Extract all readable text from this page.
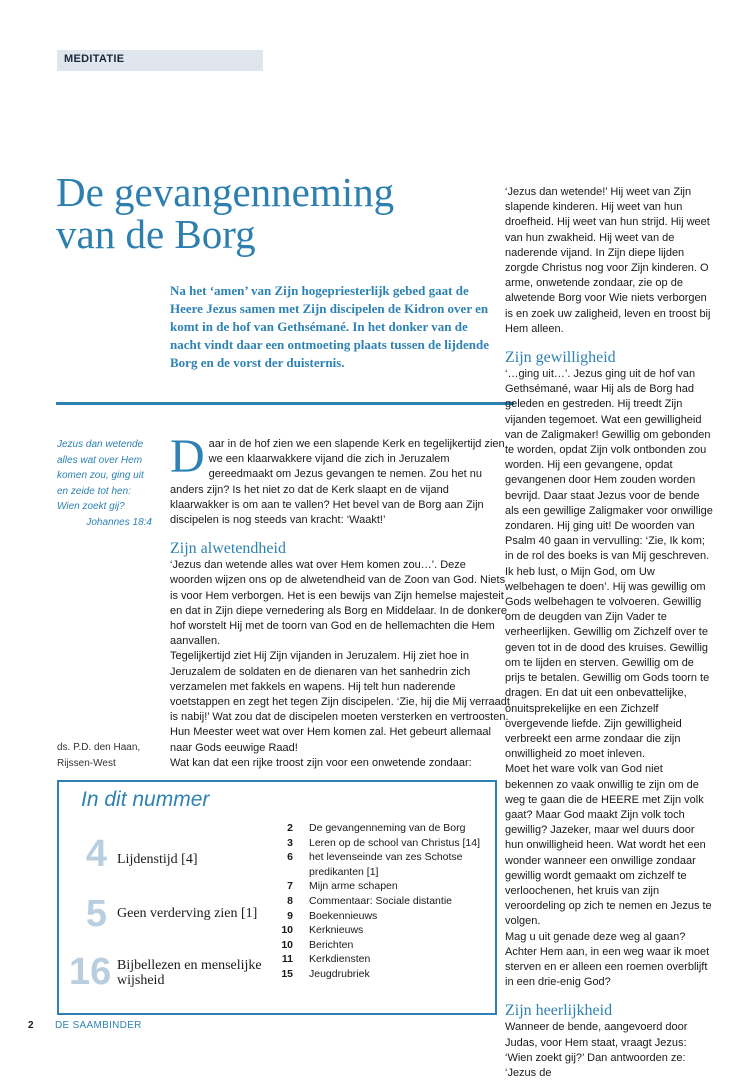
MEDITATIE
De gevangenneming
van de Borg

Na het ‘amen’ van Zijn hogepriesterlijk gebed gaat de Heere Jezus samen met Zijn discipelen de Kidron over en komt in de hof van Gethsémané. In het donker van de nacht vindt daar een ontmoeting plaats tussen de lijdende Borg en de vorst der duisternis.

Jezus dan wetende alles wat over Hem komen zou, ging uit en zeide tot hen: Wien zoekt gij?
Johannes 18:4

ds. P.D. den Haan,
Rijssen-West

Daar in de hof zien we een slapende Kerk en tegelijkertijd zien we een klaarwakkere vijand die zich in Jeruzalem gereedmaakt om Jezus gevangen te nemen. Zou het nu anders zijn? Is het niet zo dat de Kerk slaapt en de vijand klaarwakker is om aan te vallen? Het bevel van de Borg aan Zijn discipelen is nog steeds van kracht: ‘Waakt!’

Zijn alwetendheid

‘Jezus dan wetende alles wat over Hem komen zou…’. Deze woorden wijzen ons op de alwetendheid van de Zoon van God. Niets is voor Hem verborgen. Het is een bewijs van Zijn hemelse majesteit en dat in Zijn diepe vernedering als Borg en Middelaar. In de donkere hof worstelt Hij met de toorn van God en de hellemachten die Hem aanvallen.

Tegelijkertijd ziet Hij Zijn vijanden in Jeruzalem. Hij ziet hoe in Jeruzalem de soldaten en de dienaren van het sanhedrin zich verzamelen met fakkels en wapens. Hij telt hun naderende voetstappen en zegt het tegen Zijn discipelen. ‘Zie, hij die Mij verraadt is nabij!’ Wat zou dat de discipelen moeten versterken en vertroosten. Hun Meester weet wat over Hem komen zal. Het gebeurt allemaal naar Gods eeuwige Raad!

Wat kan dat een rijke troost zijn voor een onwetende zondaar:

‘Jezus dan wetende!’ Hij weet van Zijn slapende kinderen. Hij weet van hun droefheid. Hij weet van hun strijd. Hij weet van hun zwakheid. Hij weet van de naderende vijand. In Zijn diepe lijden zorgde Christus nog voor Zijn kinderen. O arme, onwetende zondaar, zie op de alwetende Borg voor Wie niets verborgen is en zoek uw zaligheid, leven en troost bij Hem alleen.

Zijn gewilligheid

‘…ging uit…’. Jezus ging uit de hof van Gethsémané, waar Hij als de Borg had geleden en gestreden. Hij treedt Zijn vijanden tegemoet. Wat een gewilligheid van de Zaligmaker! Gewillig om gebonden te worden, opdat Zijn volk ontbonden zou worden. Hij een gevangene, opdat gevangenen door Hem zouden worden bevrijd. Daar staat Jezus voor de bende als een gewillige Zaligmaker voor onwillige zondaren. Hij ging uit! De woorden van Psalm 40 gaan in vervulling: ‘Zie, Ik kom; in de rol des boeks is van Mij geschreven. Ik heb lust, o Mijn God, om Uw welbehagen te doen’. Hij was gewillig om Gods welbehagen te volvoeren. Gewillig om de deugden van Zijn Vader te verheerlijken. Gewillig om Zichzelf over te geven tot in de dood des kruises. Gewillig om te lijden en sterven. Gewillig om de prijs te betalen. Gewillig om Gods toorn te dragen. En dat uit een onbevattelijke, onuitsprekelijke en een Zichzelf overgevende liefde. Zijn gewilligheid verbreekt een arme zondaar die zijn onwilligheid zo moet inleven.

Moet het ware volk van God niet bekennen zo vaak onwillig te zijn om de weg te gaan die de HEERE met Zijn volk gaat? Maar God maakt Zijn volk toch gewillig? Jazeker, maar wel duurs door hun onwilligheid heen. Wat wordt het een wonder wanneer een onwillige zondaar gewillig wordt gemaakt om zichzelf te verloochenen, het kruis van zijn veroordeling op zich te nemen en Jezus te volgen.

Mag u uit genade deze weg al gaan? Achter Hem aan, in een weg waar ik moet sterven en er alleen een roemen overblijft in een drie-enig God?

Zijn heerlijkheid

Wanneer de bende, aangevoerd door Judas, voor Hem staat, vraagt Jezus: ‘Wien zoekt gij?’ Dan antwoorden ze: ‘Jezus de

In dit nummer
4 Lijdenstijd [4]
5 Geen verderving zien [1]
16 Bijbellezen en menselijke wijsheid
2 De gevangenneming van de Borg
3 Leren op de school van Christus [14]
6 het levenseinde van zes Schotse predikanten [1]
7 Mijn arme schapen
8 Commentaar: Sociale distantie
9 Boekennieuws
10 Kerknieuws
10 Berichten
11 Kerkdiensten
15 Jeugdrubriek
2 DE SAAMBINDER
